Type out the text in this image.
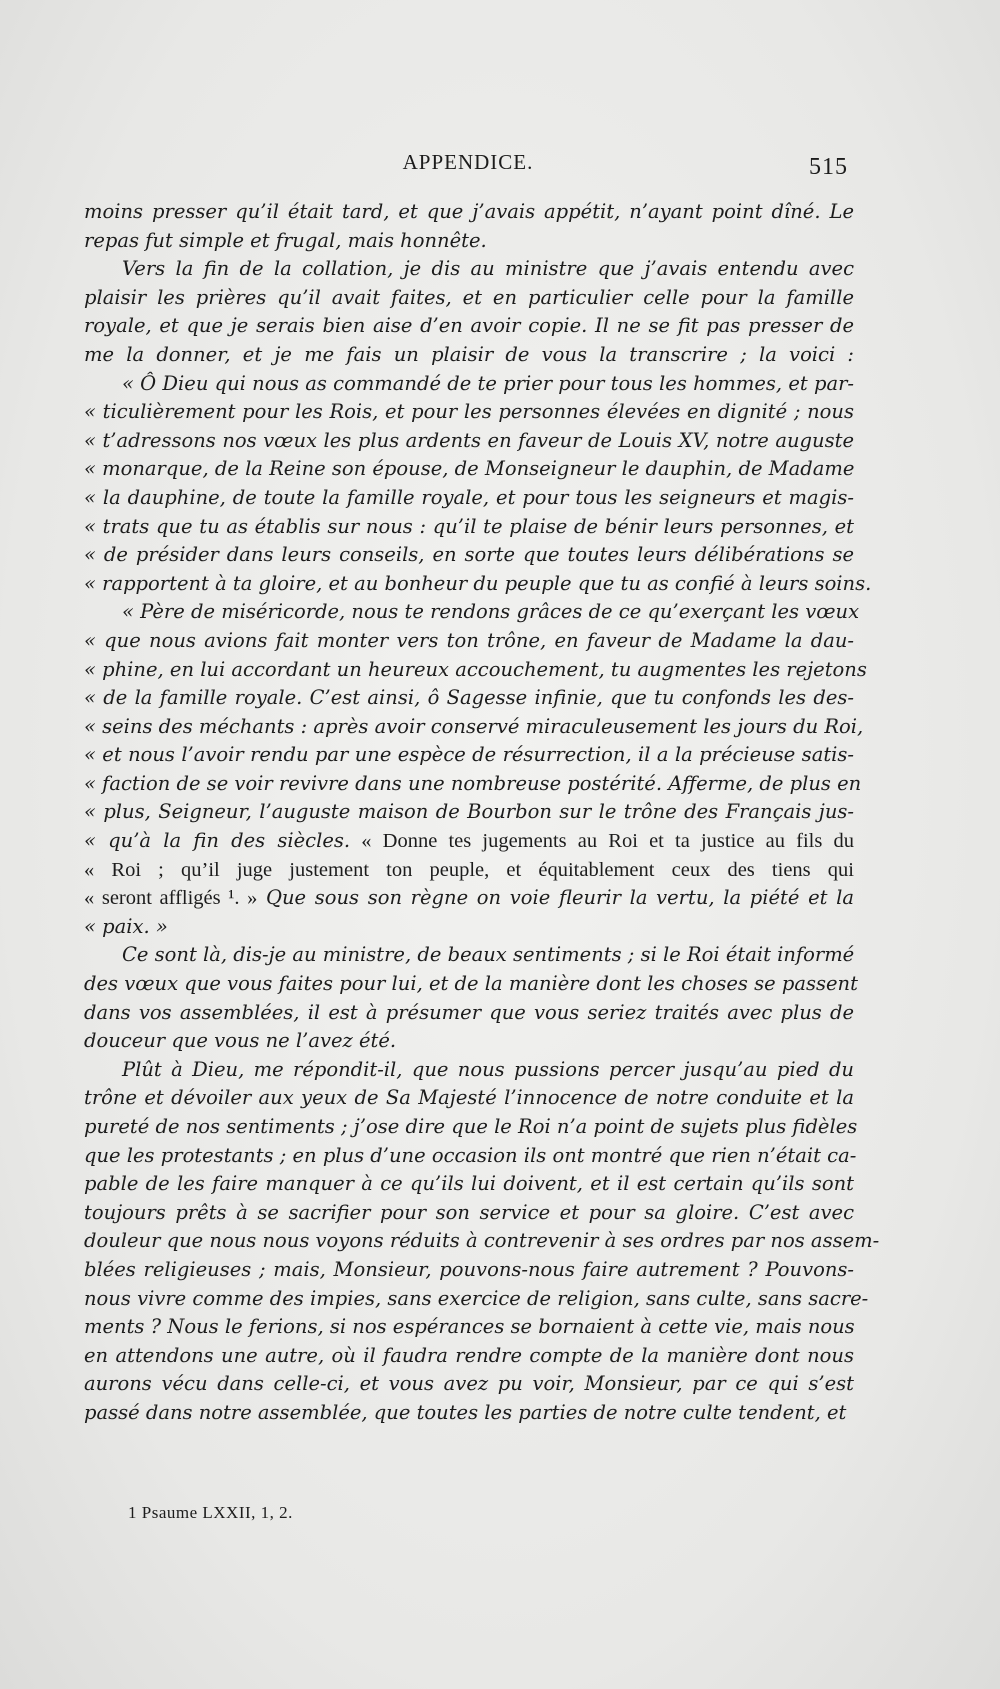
APPENDICE.	515
moins presser qu’il était tard, et que j’avais appétit, n’ayant point dîné. Le
repas fut simple et frugal, mais honnête.
Vers la fin de la collation, je dis au ministre que j’avais entendu avec
plaisir les prières qu’il avait faites, et en particulier celle pour la famille
royale, et que je serais bien aise d’en avoir copie. Il ne se fit pas presser de
me la donner, et je me fais un plaisir de vous la transcrire ; la voici :
« Ô Dieu qui nous as commandé de te prier pour tous les hommes, et par-
« ticulièrement pour les Rois, et pour les personnes élevées en dignité ; nous
« t’adressons nos vœux les plus ardents en faveur de Louis XV, notre auguste
« monarque, de la Reine son épouse, de Monseigneur le dauphin, de Madame
« la dauphine, de toute la famille royale, et pour tous les seigneurs et magis-
« trats que tu as établis sur nous : qu’il te plaise de bénir leurs personnes, et
« de présider dans leurs conseils, en sorte que toutes leurs délibérations se
« rapportent à ta gloire, et au bonheur du peuple que tu as confié à leurs soins.
« Père de miséricorde, nous te rendons grâces de ce qu’exerçant les vœux
« que nous avions fait monter vers ton trône, en faveur de Madame la dau-
« phine, en lui accordant un heureux accouchement, tu augmentes les rejetons
« de la famille royale. C’est ainsi, ô Sagesse infinie, que tu confonds les des-
« seins des méchants : après avoir conservé miraculeusement les jours du Roi,
« et nous l’avoir rendu par une espèce de résurrection, il a la précieuse satis-
« faction de se voir revivre dans une nombreuse postérité. Afferme, de plus en
« plus, Seigneur, l’auguste maison de Bourbon sur le trône des Français jus-
« qu’à la fin des siècles. « Donne tes jugements au Roi et ta justice au fils du
« Roi ; qu’il juge justement ton peuple, et équitablement ceux des tiens qui
« seront affligés ¹. » Que sous son règne on voie fleurir la vertu, la piété et la
« paix. »
Ce sont là, dis-je au ministre, de beaux sentiments ; si le Roi était informé
des vœux que vous faites pour lui, et de la manière dont les choses se passent
dans vos assemblées, il est à présumer que vous seriez traités avec plus de
douceur que vous ne l’avez été.
Plût à Dieu, me répondit-il, que nous pussions percer jusqu’au pied du
trône et dévoiler aux yeux de Sa Majesté l’innocence de notre conduite et la
pureté de nos sentiments ; j’ose dire que le Roi n’a point de sujets plus fidèles
que les protestants ; en plus d’une occasion ils ont montré que rien n’était ca-
pable de les faire manquer à ce qu’ils lui doivent, et il est certain qu’ils sont
toujours prêts à se sacrifier pour son service et pour sa gloire. C’est avec
douleur que nous nous voyons réduits à contrevenir à ses ordres par nos assem-
blées religieuses ; mais, Monsieur, pouvons-nous faire autrement ? Pouvons-
nous vivre comme des impies, sans exercice de religion, sans culte, sans sacre-
ments ? Nous le ferions, si nos espérances se bornaient à cette vie, mais nous
en attendons une autre, où il faudra rendre compte de la manière dont nous
aurons vécu dans celle-ci, et vous avez pu voir, Monsieur, par ce qui s’est
passé dans notre assemblée, que toutes les parties de notre culte tendent, et
1 Psaume LXXII, 1, 2.
